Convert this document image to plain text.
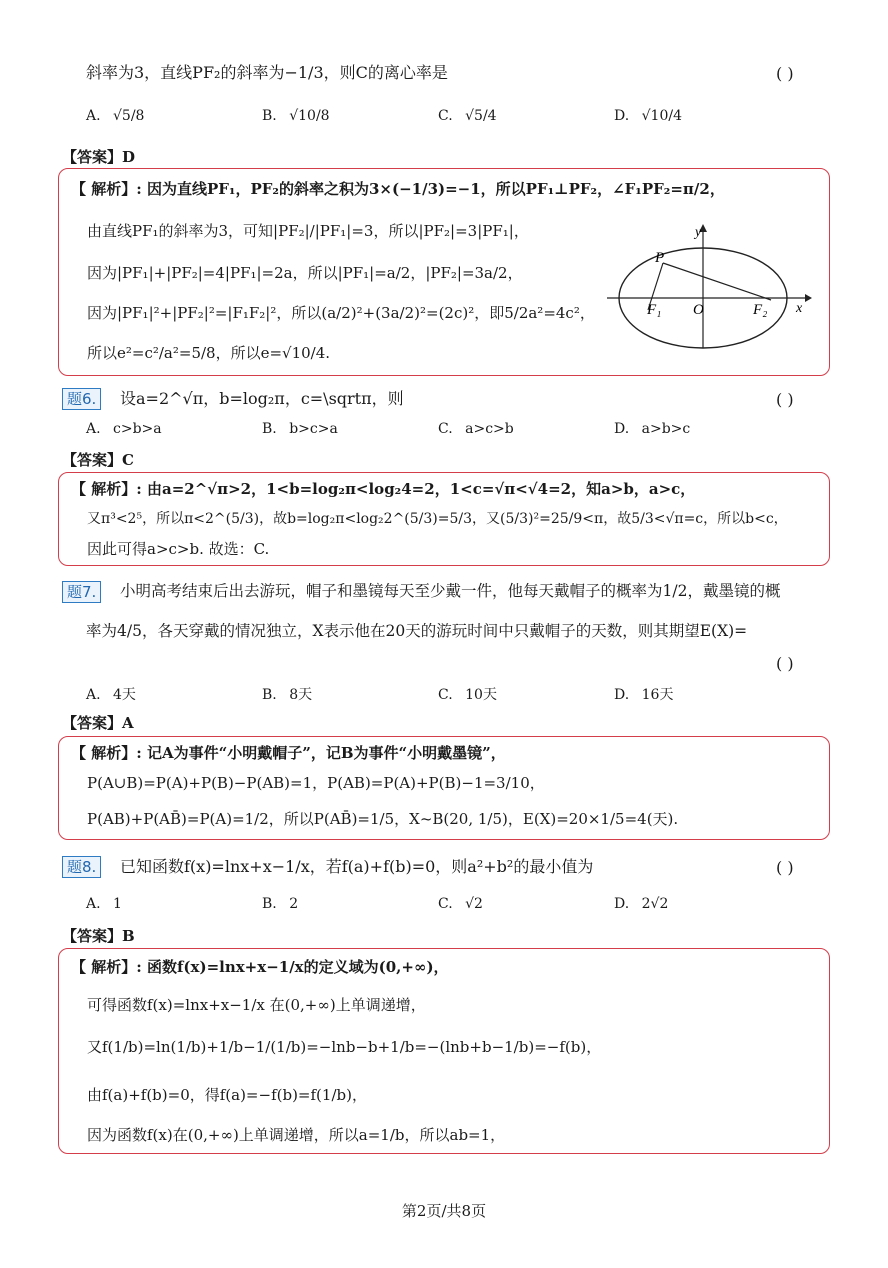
斜率为3，直线PF₂的斜率为−1/3，则C的离心率是	( )
A. √5/8	B. √10/8	C. √5/4	D. √10/4
【答案】D
【 解析】: 因为直线PF₁，PF₂的斜率之积为3×(−1/3)=−1，所以PF₁⊥PF₂，∠F₁PF₂=π/2，
由直线PF₁的斜率为3，可知|PF₂|/|PF₁|=3，所以|PF₂|=3|PF₁|，
因为|PF₁|+|PF₂|=4|PF₁|=2a，所以|PF₁|=a/2，|PF₂|=3a/2，
因为|PF₁|²+|PF₂|²=|F₁F₂|²，所以(a/2)²+(3a/2)²=(2c)²，即5/2a²=4c²，
所以e²=c²/a²=5/8，所以e=√10/4.
y
x
P
F₁ O	F₂
题6.	设a=2^√π，b=log₂π，c=\sqrtπ，则	( )
A. c>b>a	B. b>c>a	C. a>c>b	D. a>b>c
【答案】C
【 解析】: 由a=2^√π>2，1<b=log₂π<log₂4=2，1<c=√π<√4=2，知a>b，a>c，
又π³<2⁵，所以π<2^(5/3)，故b=log₂π<log₂2^(5/3)=5/3，又(5/3)²=25/9<π，故5/3<√π=c，所以b<c，
因此可得a>c>b. 故选：C.
题7.	小明高考结束后出去游玩，帽子和墨镜每天至少戴一件，他每天戴帽子的概率为1/2，戴墨镜的概
率为4/5，各天穿戴的情况独立，X表示他在20天的游玩时间中只戴帽子的天数，则其期望E(X)=
( )
A. 4天	B. 8天	C. 10天	D. 16天
【答案】A
【 解析】: 记A为事件“小明戴帽子”，记B为事件“小明戴墨镜”，
P(A∪B)=P(A)+P(B)−P(AB)=1，P(AB)=P(A)+P(B)−1=3/10，
P(AB)+P(AB̄)=P(A)=1/2，所以P(AB̄)=1/5，X~B(20, 1/5)，E(X)=20×1/5=4(天).
题8.	已知函数f(x)=lnx+x−1/x，若f(a)+f(b)=0，则a²+b²的最小值为	( )
A. 1	B. 2	C. √2	D. 2√2
【答案】B
【 解析】: 函数f(x)=lnx+x−1/x的定义域为(0,+∞)，
可得函数f(x)=lnx+x−1/x 在(0,+∞)上单调递增，
又f(1/b)=ln(1/b)+1/b−1/(1/b)=−lnb−b+1/b=−(lnb+b−1/b)=−f(b)，
由f(a)+f(b)=0，得f(a)=−f(b)=f(1/b)，
因为函数f(x)在(0,+∞)上单调递增，所以a=1/b，所以ab=1，
第2页/共8页
